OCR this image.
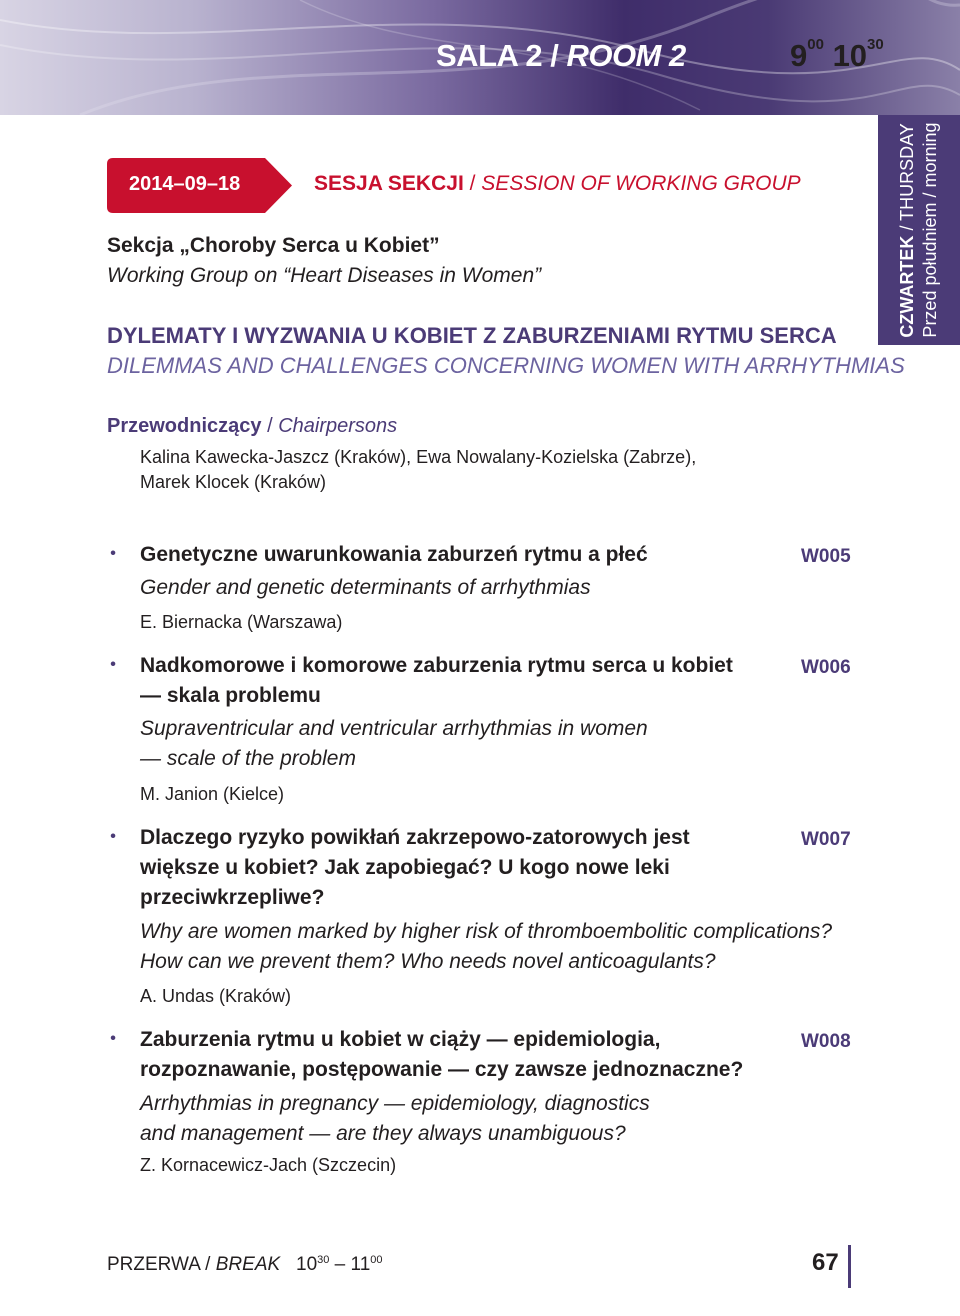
SALA 2 / ROOM 2	$9^{00}$ $10^{30}$
CZWARTEK / THURSDAY Przed południem / morning
2014–09–18	SESJA SEKCJI / SESSION OF WORKING GROUP
Sekcja „Choroby Serca u Kobiet”
Working Group on “Heart Diseases in Women”
DYLEMATY I WYZWANIA U KOBIET Z ZABURZENIAMI RYTMU SERCA
DILEMMAS AND CHALLENGES CONCERNING WOMEN WITH ARRHYTHMIAS
Przewodniczący / Chairpersons
Kalina Kawecka-Jaszcz (Kraków), Ewa Nowalany-Kozielska (Zabrze),
Marek Klocek (Kraków)
• Genetyczne uwarunkowania zaburzeń rytmu a płeć	W005
Gender and genetic determinants of arrhythmias
E. Biernacka (Warszawa)
• Nadkomorowe i komorowe zaburzenia rytmu serca u kobiet
— skala problemu
W006
Supraventricular and ventricular arrhythmias in women
— scale of the problem
M. Janion (Kielce)
• Dlaczego ryzyko powikłań zakrzepowo-zatorowych jest
większe u kobiet? Jak zapobiegać? U kogo nowe leki
przeciwkrzepliwe?
W007
Why are women marked by higher risk of thromboembolitic complications?
How can we prevent them? Who needs novel anticoagulants?
A. Undas (Kraków)
• Zaburzenia rytmu u kobiet w ciąży — epidemiologia,
rozpoznawanie, postępowanie — czy zawsze jednoznaczne?
W008
Arrhythmias in pregnancy — epidemiology, diagnostics
and management — are they always unambiguous?
Z. Kornacewicz-Jach (Szczecin)
PRZERWA / BREAK $10^{30} - 11^{00}$	67
